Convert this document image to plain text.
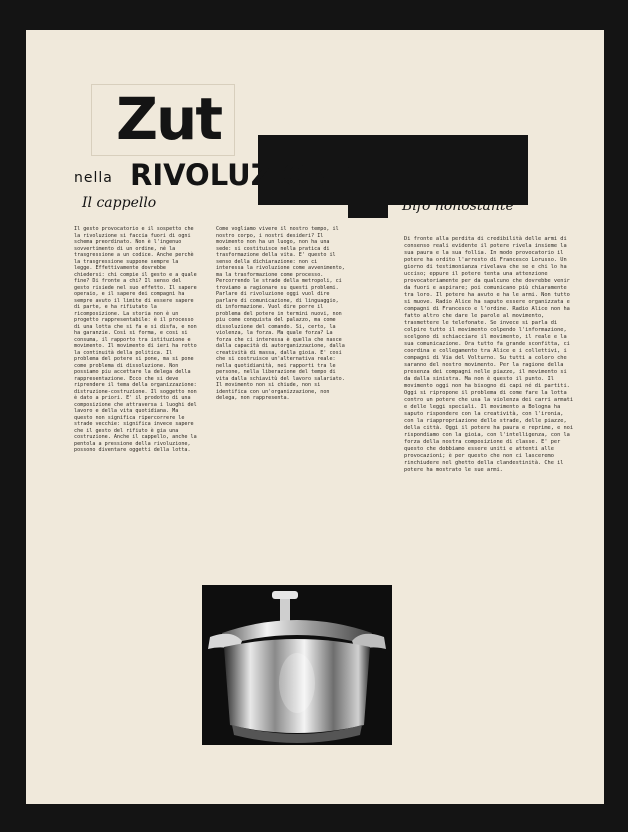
Zut
nella RIVOLUZIONE
Il cappello	Bifo nonostante
Il gesto provocatorio e il sospetto che la rivoluzione si faccia fuori di ogni schema preordinato. Non è l'ingenuo sovvertimento di un ordine, né la trasgressione a un codice. Anche perchè la trasgressione suppone sempre la legge. Effettivamente dovrebbe chiedersi: chi compie il gesto e a quale fine? Di fronte a chi? Il senso del gesto risiede nel suo effetto. Il sapere operaio, e il sapere dei compagni ha sempre avuto il limite di essere sapere di parte, e ha rifiutato la ricomposizione. La storia non è un progetto rappresentabile: è il processo di una lotta che si fa e si disfa, e non ha garanzie. Così si forma, e cosi si consuma, il rapporto tra istituzione e movimento. Il movimento di ieri ha rotto la continuità della politica. Il problema del potere si pone, ma si pone come problema di dissoluzione. Non possiamo piu accettare la delega della rappresentazione. Ecco che si deve riprendere il tema della organizzazione: distruzione-costruzione. Il soggetto non è dato a priori. E' il prodotto di una composizione che attraversa i luoghi del lavoro e della vita quotidiana. Ma questo non significa ripercorrere le strade vecchie: significa invece sapere che il gesto del rifiuto è gia una costruzione. Anche il cappello, anche la pentola a pressione della rivoluzione, possono diventare oggetti della lotta.
Come vogliamo vivere il nostro tempo, il nostro corpo, i nostri desideri? Il movimento non ha un luogo, non ha una sede: si costituisce nella pratica di trasformazione della vita. E' questo il senso della dichiarazione: non ci interessa la rivoluzione come avvenimento, ma la trasformazione come processo. Percorrendo le strade della metropoli, ci troviamo a ragionare su questi problemi. Parlare di rivoluzione oggi vuol dire parlare di comunicazione, di linguaggio, di informazione. Vuol dire porre il problema del potere in termini nuovi, non piu come conquista del palazzo, ma come dissoluzione del comando. Si, certo, la violenza, la forza. Ma quale forza? La forza che ci interessa è quella che nasce dalla capacità di autorganizzazione, dalla creatività di massa, dalla gioia. E' cosi che si costruisce un'alternativa reale: nella quotidianità, nei rapporti tra le persone, nella liberazione del tempo di vita dalla schiavitù del lavoro salariato. Il movimento non si chiude, non si identifica con un'organizzazione, non delega, non rappresenta.
Di fronte alla perdita di credibilità delle armi di consenso reali evidente il potere rivela insieme la sua paura e la sua follia. In modo provocatorio il potere ha ordito l'arresto di Francesco Lorusso. Un giorno di testimonianza rivelava che se e chi lo ha ucciso; eppure il potere tenta una attenzione provocatoriamente per da qualcuno che dovrebbe venir da fuori e aspirare; poi comunicano più chiaramente tra loro. Il potere ha avuto e ha le armi. Non tutto si muove. Radio Alice ha saputo essere organizzata e compagni di Francesco e l'ordine. Radio Alice non ha fatto altro che dare le parole al movimento, trasmettere le telefonate. Se invece si parla di colpire tutto il movimento colpendo l'informazione, scelgono di schiacciare il movimento, il reale e la sua comunicazione. Ora tutto fa grande sconfitta, ci coordina e collegamento tra Alice e i collettivi, i compagni di Via del Volturno. Su tutti a coloro che saranno del nostro movimento. Per la ragione della presenza dei compagni nelle piazze, il movimento si da dalla sinistra. Ma non è questo il punto. Il movimento oggi non ha bisogno di capi né di partiti. Oggi si ripropone il problema di come fare la lotta contro un potere che usa la violenza dei carri armati e delle leggi speciali. Il movimento a Bologna ha saputo rispondere con la creatività, con l'ironia, con la riappropriazione delle strade, delle piazze, della città. Oggi il potere ha paura e reprime, e noi rispondiamo con la gioia, con l'intelligenza, con la forza della nostra composizione di classe. E' per questo che dobbiamo essere uniti e attenti alle provocazioni; è per questo che non ci lasceremo rinchiudere nel ghetto della clandestinità. Che il potere ha mostrato le sue armi.
